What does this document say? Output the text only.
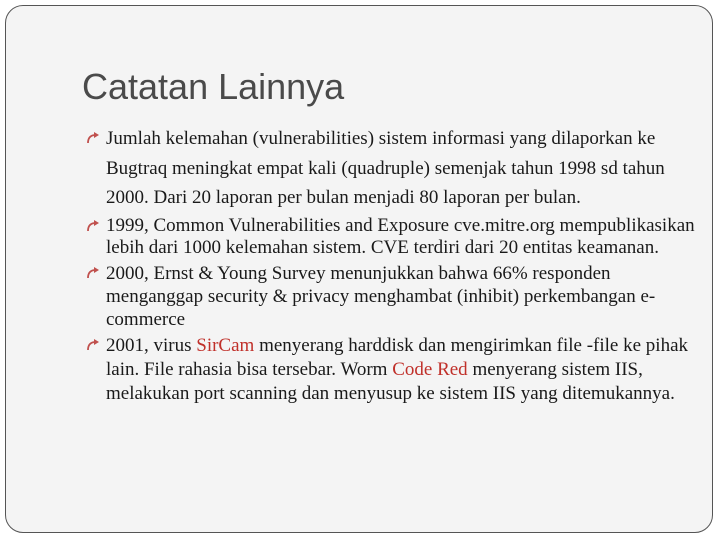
Catatan Lainnya
Jumlah kelemahan (vulnerabilities) sistem informasi yang dilaporkan ke Bugtraq meningkat empat kali (quadruple) semenjak tahun 1998 sd tahun 2000. Dari 20 laporan per bulan menjadi 80 laporan per bulan.
1999, Common Vulnerabilities and Exposure cve.mitre.org mempublikasikan lebih dari 1000 kelemahan sistem. CVE terdiri dari 20 entitas keamanan.
2000, Ernst & Young Survey menunjukkan bahwa 66% responden menganggap security & privacy menghambat (inhibit) perkembangan e-commerce
2001, virus SirCam menyerang harddisk dan mengirimkan file -file ke pihak lain. File rahasia bisa tersebar. Worm Code Red menyerang sistem IIS, melakukan port scanning dan menyusup ke sistem IIS yang ditemukannya.
